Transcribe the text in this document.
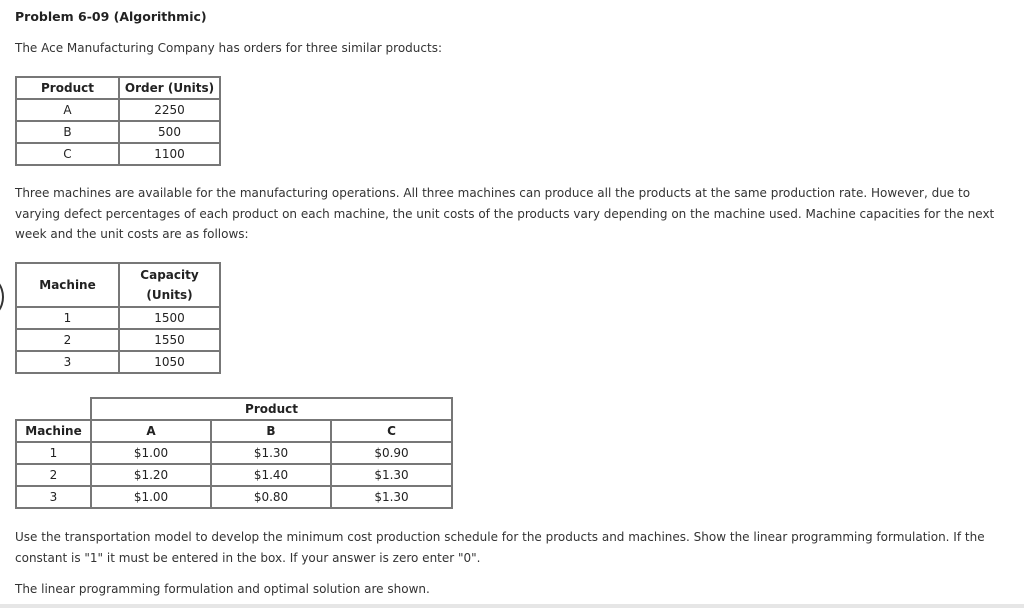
Problem 6-09 (Algorithmic)
The Ace Manufacturing Company has orders for three similar products:
Product	Order (Units)
A	2250
B	500
C	1100
Three machines are available for the manufacturing operations. All three machines can produce all the products at the same production rate. However, due to varying defect percentages of each product on each machine, the unit costs of the products vary depending on the machine used. Machine capacities for the next week and the unit costs are as follows:
Machine	Capacity
(Units)

1	1500
2	1550
3	1050
	Product		
Machine	A	B	C
1	$1.00	$1.30	$0.90
2	$1.20	$1.40	$1.30
3	$1.00	$0.80	$1.30
Use the transportation model to develop the minimum cost production schedule for the products and machines. Show the linear programming formulation. If the constant is "1" it must be entered in the box. If your answer is zero enter "0".
The linear programming formulation and optimal solution are shown.
